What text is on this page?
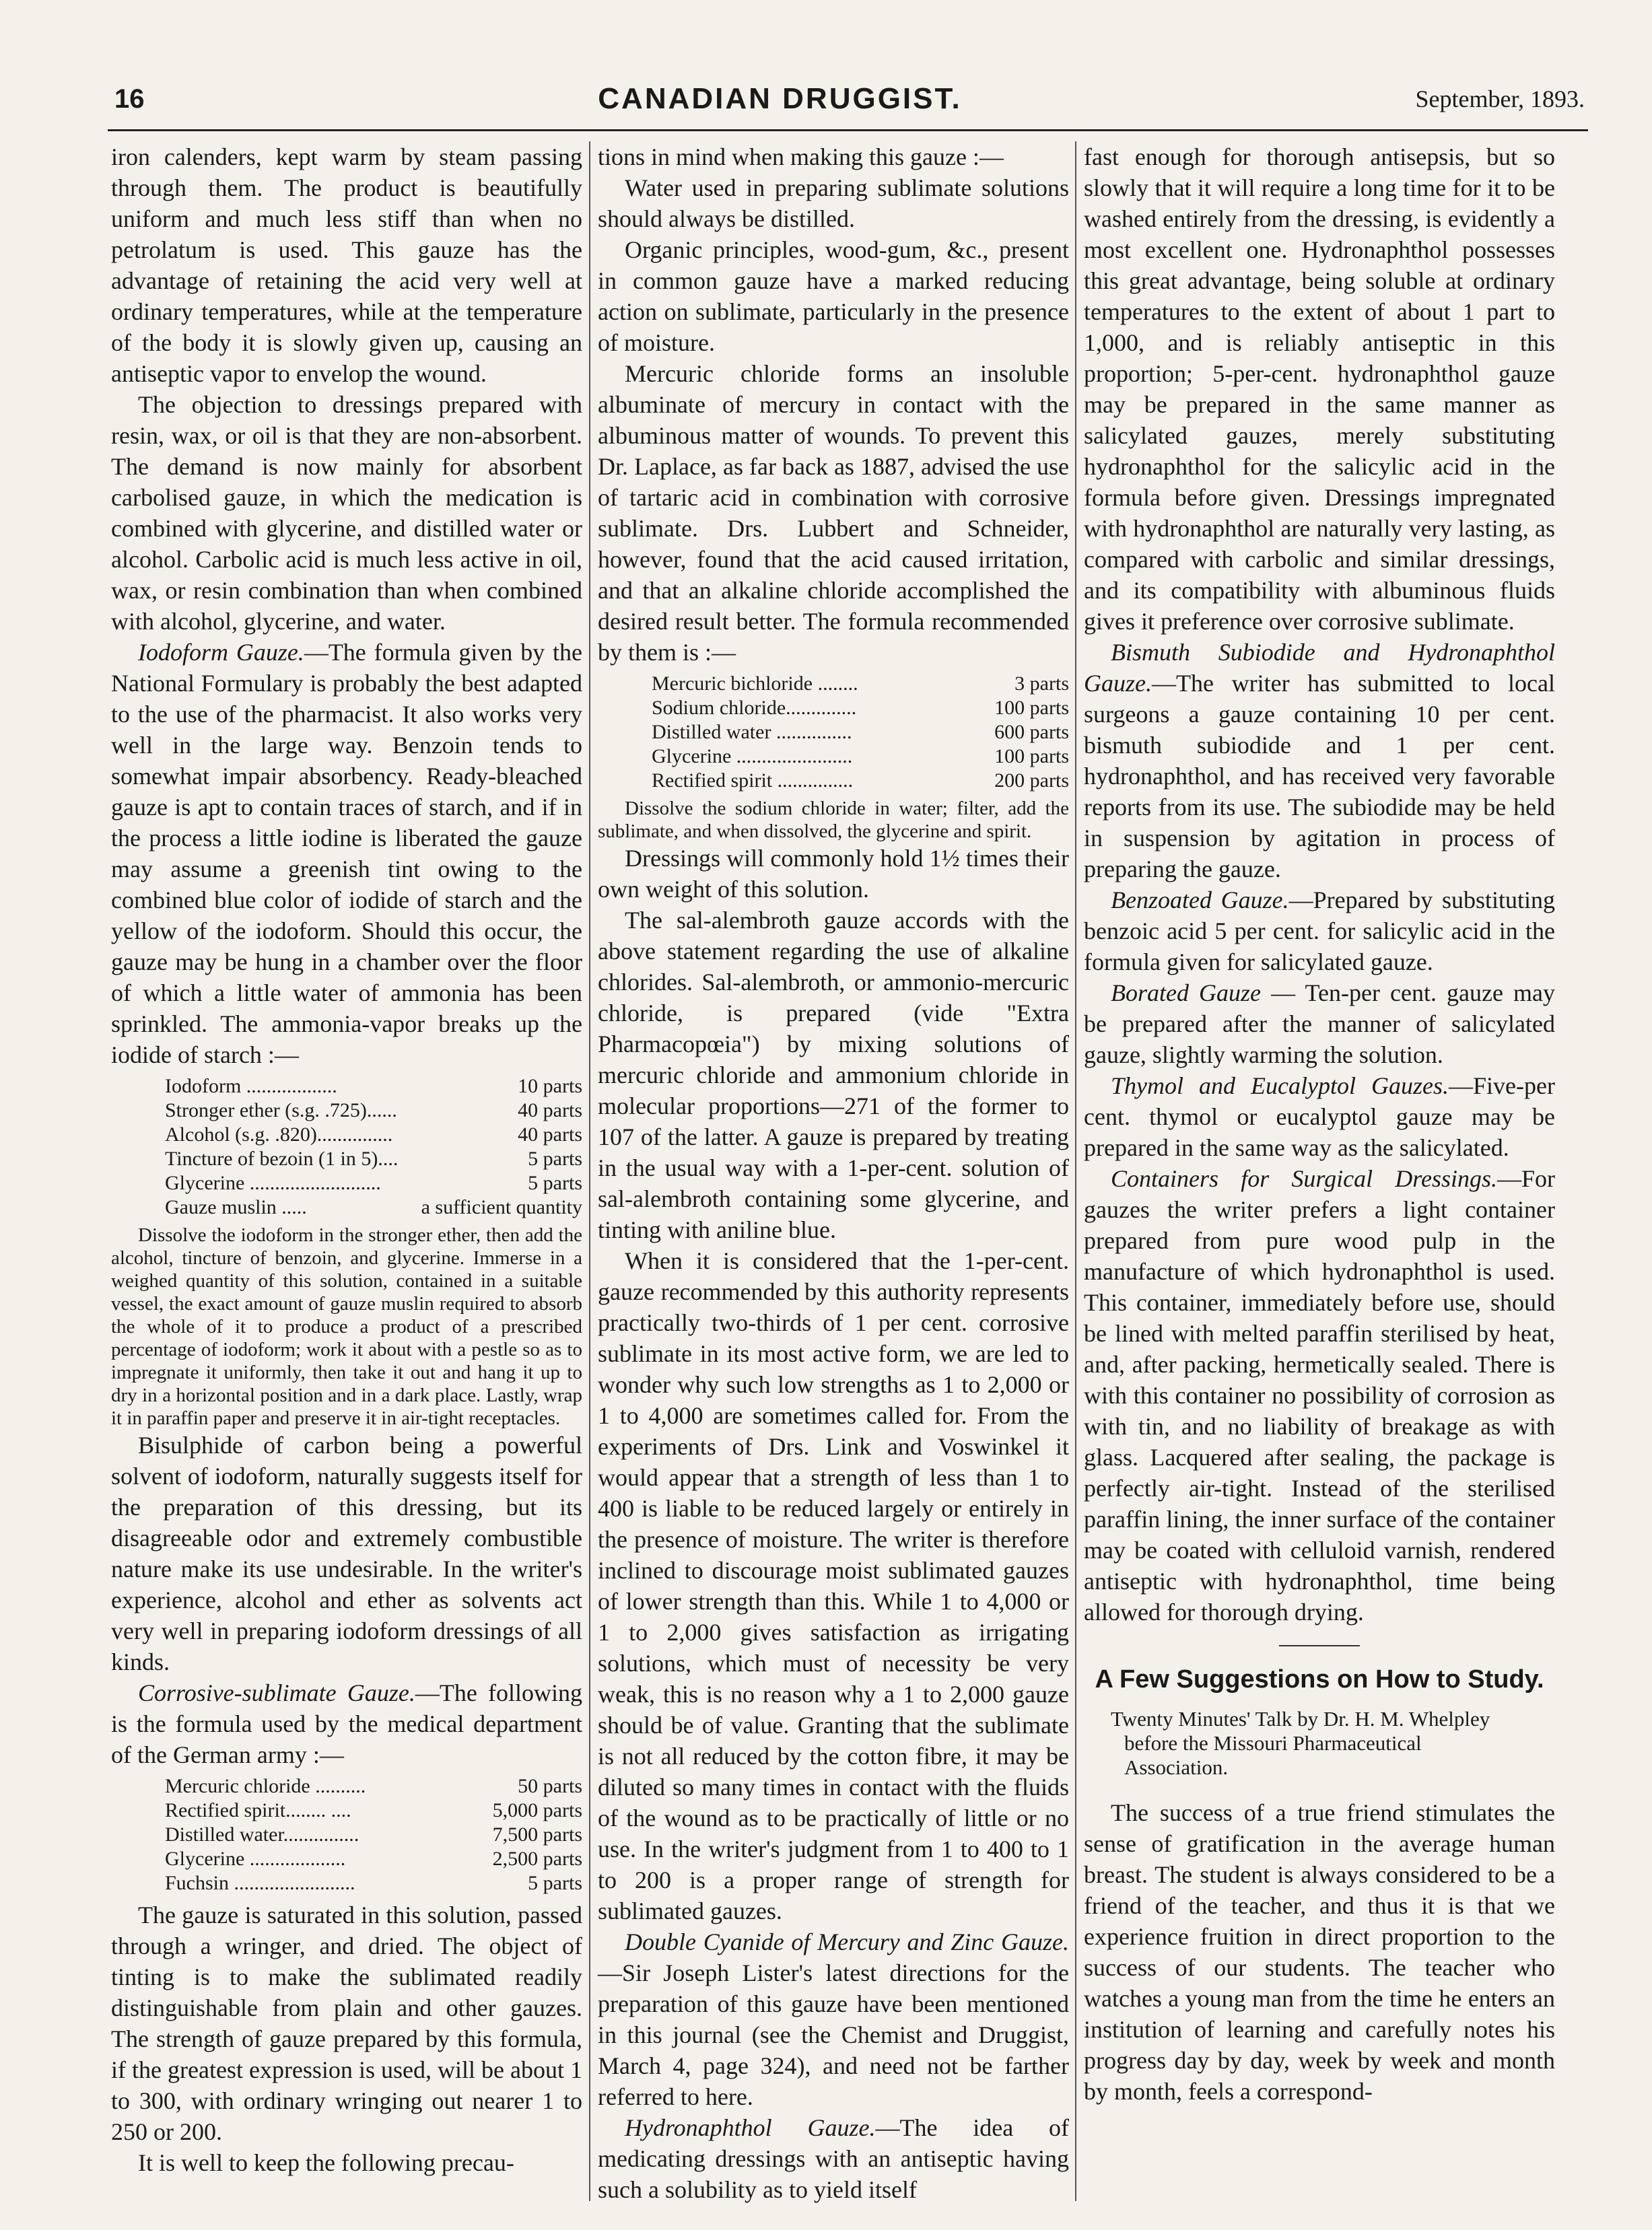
16	CANADIAN DRUGGIST.	September, 1893.

iron calenders, kept warm by steam passing through them. The product is beautifully uniform and much less stiff than when no petrolatum is used. This gauze has the advantage of retaining the acid very well at ordinary temperatures, while at the temperature of the body it is slowly given up, causing an antiseptic vapor to envelop the wound.

The objection to dressings prepared with resin, wax, or oil is that they are non-absorbent. The demand is now mainly for absorbent carbolised gauze, in which the medication is combined with glycerine, and distilled water or alcohol. Carbolic acid is much less active in oil, wax, or resin combination than when combined with alcohol, glycerine, and water.

Iodoform Gauze.—The formula given by the National Formulary is probably the best adapted to the use of the pharmacist. It also works very well in the large way. Benzoin tends to somewhat impair absorbency. Ready-bleached gauze is apt to contain traces of starch, and if in the process a little iodine is liberated the gauze may assume a greenish tint owing to the combined blue color of iodide of starch and the yellow of the iodoform. Should this occur, the gauze may be hung in a chamber over the floor of which a little water of ammonia has been sprinkled. The ammonia-vapor breaks up the iodide of starch :—

Iodoform ..................	10 parts
Stronger ether (s.g. .725)......	40 parts
Alcohol (s.g. .820)...............	40 parts
Tincture of bezoin (1 in 5)....	5 parts
Glycerine ..........................	5 parts
Gauze muslin .....	a sufficient quantity

Dissolve the iodoform in the stronger ether, then add the alcohol, tincture of benzoin, and glycerine. Immerse in a weighed quantity of this solution, contained in a suitable vessel, the exact amount of gauze muslin required to absorb the whole of it to produce a product of a prescribed percentage of iodoform; work it about with a pestle so as to impregnate it uniformly, then take it out and hang it up to dry in a horizontal position and in a dark place. Lastly, wrap it in paraffin paper and preserve it in air-tight receptacles.

Bisulphide of carbon being a powerful solvent of iodoform, naturally suggests itself for the preparation of this dressing, but its disagreeable odor and extremely combustible nature make its use undesirable. In the writer's experience, alcohol and ether as solvents act very well in preparing iodoform dressings of all kinds.

Corrosive-sublimate Gauze.—The following is the formula used by the medical department of the German army :—

Mercuric chloride ..........	50 parts
Rectified spirit........ ....	5,000 parts
Distilled water...............	7,500 parts
Glycerine ...................	2,500 parts
Fuchsin ........................	5 parts

The gauze is saturated in this solution, passed through a wringer, and dried. The object of tinting is to make the sublimated readily distinguishable from plain and other gauzes. The strength of gauze prepared by this formula, if the greatest expression is used, will be about 1 to 300, with ordinary wringing out nearer 1 to 250 or 200.

It is well to keep the following precau-

tions in mind when making this gauze :—

Water used in preparing sublimate solutions should always be distilled.

Organic principles, wood-gum, &c., present in common gauze have a marked reducing action on sublimate, particularly in the presence of moisture.

Mercuric chloride forms an insoluble albuminate of mercury in contact with the albuminous matter of wounds. To prevent this Dr. Laplace, as far back as 1887, advised the use of tartaric acid in combination with corrosive sublimate. Drs. Lubbert and Schneider, however, found that the acid caused irritation, and that an alkaline chloride accomplished the desired result better. The formula recommended by them is :—

Mercuric bichloride ........	3 parts
Sodium chloride..............	100 parts
Distilled water ...............	600 parts
Glycerine .......................	100 parts
Rectified spirit ...............	200 parts

Dissolve the sodium chloride in water; filter, add the sublimate, and when dissolved, the glycerine and spirit.

Dressings will commonly hold 1½ times their own weight of this solution.

The sal-alembroth gauze accords with the above statement regarding the use of alkaline chlorides. Sal-alembroth, or ammonio-mercuric chloride, is prepared (vide "Extra Pharmacopœia") by mixing solutions of mercuric chloride and ammonium chloride in molecular proportions—271 of the former to 107 of the latter. A gauze is prepared by treating in the usual way with a 1-per-cent. solution of sal-alembroth containing some glycerine, and tinting with aniline blue.

When it is considered that the 1-per-cent. gauze recommended by this authority represents practically two-thirds of 1 per cent. corrosive sublimate in its most active form, we are led to wonder why such low strengths as 1 to 2,000 or 1 to 4,000 are sometimes called for. From the experiments of Drs. Link and Voswinkel it would appear that a strength of less than 1 to 400 is liable to be reduced largely or entirely in the presence of moisture. The writer is therefore inclined to discourage moist sublimated gauzes of lower strength than this. While 1 to 4,000 or 1 to 2,000 gives satisfaction as irrigating solutions, which must of necessity be very weak, this is no reason why a 1 to 2,000 gauze should be of value. Granting that the sublimate is not all reduced by the cotton fibre, it may be diluted so many times in contact with the fluids of the wound as to be practically of little or no use. In the writer's judgment from 1 to 400 to 1 to 200 is a proper range of strength for sublimated gauzes.

Double Cyanide of Mercury and Zinc Gauze.—Sir Joseph Lister's latest directions for the preparation of this gauze have been mentioned in this journal (see the Chemist and Druggist, March 4, page 324), and need not be farther referred to here.

Hydronaphthol Gauze.—The idea of medicating dressings with an antiseptic having such a solubility as to yield itself

fast enough for thorough antisepsis, but so slowly that it will require a long time for it to be washed entirely from the dressing, is evidently a most excellent one. Hydronaphthol possesses this great advantage, being soluble at ordinary temperatures to the extent of about 1 part to 1,000, and is reliably antiseptic in this proportion; 5-per-cent. hydronaphthol gauze may be prepared in the same manner as salicylated gauzes, merely substituting hydronaphthol for the salicylic acid in the formula before given. Dressings impregnated with hydronaphthol are naturally very lasting, as compared with carbolic and similar dressings, and its compatibility with albuminous fluids gives it preference over corrosive sublimate.

Bismuth Subiodide and Hydronaphthol Gauze.—The writer has submitted to local surgeons a gauze containing 10 per cent. bismuth subiodide and 1 per cent. hydronaphthol, and has received very favorable reports from its use. The subiodide may be held in suspension by agitation in process of preparing the gauze.

Benzoated Gauze.—Prepared by substituting benzoic acid 5 per cent. for salicylic acid in the formula given for salicylated gauze.

Borated Gauze — Ten-per cent. gauze may be prepared after the manner of salicylated gauze, slightly warming the solution.

Thymol and Eucalyptol Gauzes.—Five-per cent. thymol or eucalyptol gauze may be prepared in the same way as the salicylated.

Containers for Surgical Dressings.—For gauzes the writer prefers a light container prepared from pure wood pulp in the manufacture of which hydronaphthol is used. This container, immediately before use, should be lined with melted paraffin sterilised by heat, and, after packing, hermetically sealed. There is with this container no possibility of corrosion as with tin, and no liability of breakage as with glass. Lacquered after sealing, the package is perfectly air-tight. Instead of the sterilised paraffin lining, the inner surface of the container may be coated with celluloid varnish, rendered antiseptic with hydronaphthol, time being allowed for thorough drying.

A Few Suggestions on How to Study.

Twenty Minutes' Talk by Dr. H. M. Whelpley before the Missouri Pharmaceutical Association.

The success of a true friend stimulates the sense of gratification in the average human breast. The student is always considered to be a friend of the teacher, and thus it is that we experience fruition in direct proportion to the success of our students. The teacher who watches a young man from the time he enters an institution of learning and carefully notes his progress day by day, week by week and month by month, feels a correspond-
